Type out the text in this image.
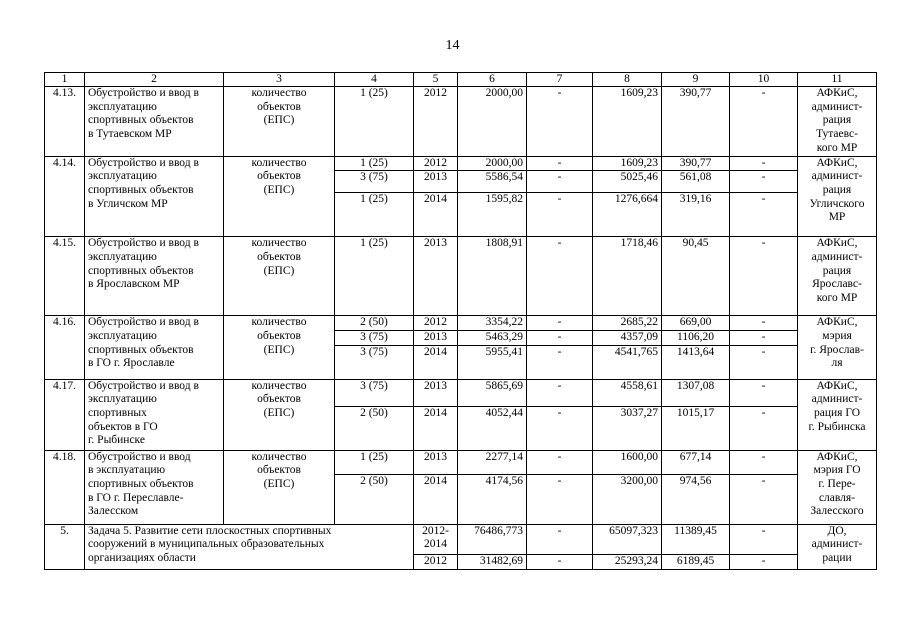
14
1	2	3	4	5	6	7	8	9	10	11
4.13.	Обустройство и ввод в
эксплуатацию
спортивных объектов
в Тутаевском МР	количество
объектов
(ЕПС)	1 (25)	2012	2000,00	-	1609,23	390,77	-	АФКиС,
админист-
рация
Тутаевс-
кого МР
4.14.	Обустройство и ввод в
эксплуатацию
спортивных объектов
в Угличском МР	количество
объектов
(ЕПС)	1 (25)	2012	2000,00	-	1609,23	390,77	-	АФКиС,
админист-
рация
Угличского
МР
			3 (75)	2013	5586,54	-	5025,46	561,08	-	
			1 (25)	2014	1595,82	-	1276,664	319,16	-	
4.15.	Обустройство и ввод в
эксплуатацию
спортивных объектов
в Ярославском МР	количество
объектов
(ЕПС)	1 (25)	2013	1808,91	-	1718,46	90,45	-	АФКиС,
админист-
рация
Ярославс-
кого МР
4.16.	Обустройство и ввод в
эксплуатацию
спортивных объектов
в ГО г. Ярославле	количество
объектов
(ЕПС)	2 (50)	2012	3354,22	-	2685,22	669,00	-	АФКиС,
мэрия
г. Ярослав-
ля
			3 (75)	2013	5463,29	-	4357,09	1106,20	-	
			3 (75)	2014	5955,41	-	4541,765	1413,64	-	
4.17.	Обустройство и ввод в
эксплуатацию
спортивных
объектов в ГО
г. Рыбинске	количество
объектов
(ЕПС)	3 (75)	2013	5865,69	-	4558,61	1307,08	-	АФКиС,
админист-
рация ГО
г. Рыбинска
			2 (50)	2014	4052,44	-	3037,27	1015,17	-	
4.18.	Обустройство и ввод
в эксплуатацию
спортивных объектов
в ГО г. Переславле-
Залесском	количество
объектов
(ЕПС)	1 (25)	2013	2277,14	-	1600,00	677,14	-	АФКиС,
мэрия ГО
г. Пере-
славля-
Залесского
			2 (50)	2014	4174,56	-	3200,00	974,56	-	
5.	Задача 5. Развитие сети плоскостных спортивных
сооружений в муниципальных образовательных
организациях области			2012-
2014	76486,773	-	65097,323	11389,45	-	ДО,
админист-
рации
				2012	31482,69	-	25293,24	6189,45	-	
